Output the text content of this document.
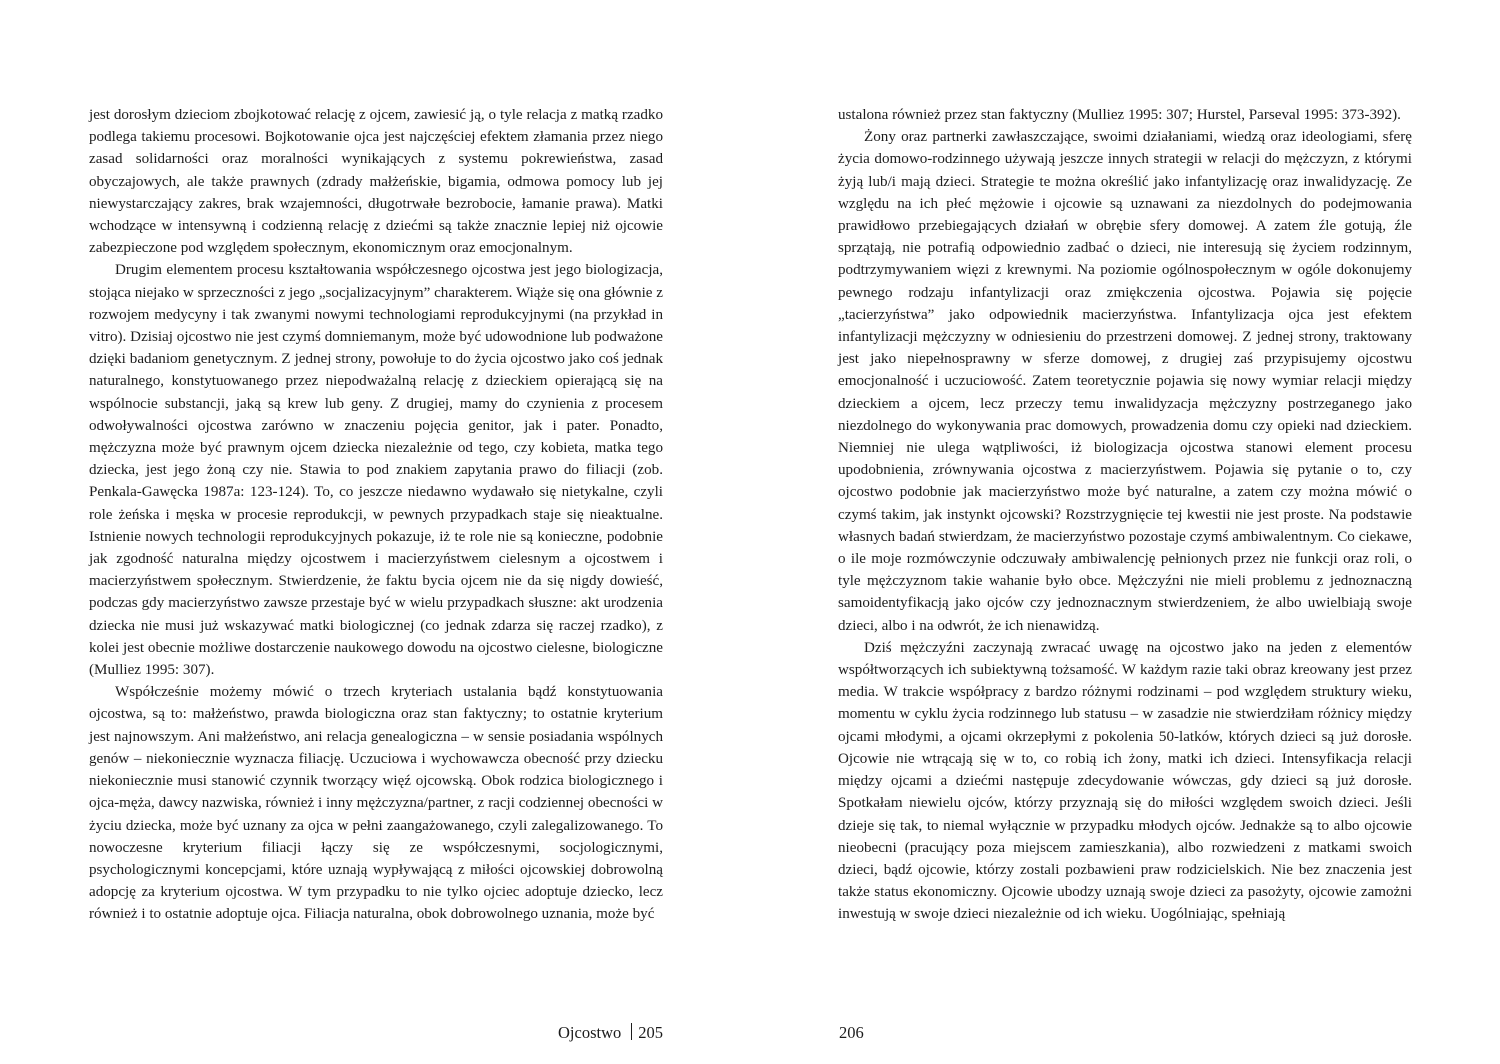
jest dorosłym dzieciom zbojkotować relację z ojcem, zawiesić ją, o tyle relacja z matką rzadko podlega takiemu procesowi. Bojkotowanie ojca jest najczęściej efektem złamania przez niego zasad solidarności oraz moralności wynikających z systemu pokrewieństwa, zasad obyczajowych, ale także prawnych (zdrady małżeńskie, bigamia, odmowa pomocy lub jej niewystarczający zakres, brak wzajemności, długotrwałe bezrobocie, łamanie prawa). Matki wchodzące w intensywną i codzienną relację z dziećmi są także znacznie lepiej niż ojcowie zabezpieczone pod względem społecznym, ekonomicznym oraz emocjonalnym.

Drugim elementem procesu kształtowania współczesnego ojcostwa jest jego biologizacja, stojąca niejako w sprzeczności z jego „socjalizacyjnym” charakterem. Wiąże się ona głównie z rozwojem medycyny i tak zwanymi nowymi technologiami reprodukcyjnymi (na przykład in vitro). Dzisiaj ojcostwo nie jest czymś domniemanym, może być udowodnione lub podważone dzięki badaniom genetycznym. Z jednej strony, powołuje to do życia ojcostwo jako coś jednak naturalnego, konstytuowanego przez niepodważalną relację z dzieckiem opierającą się na wspólnocie substancji, jaką są krew lub geny. Z drugiej, mamy do czynienia z procesem odwoływalności ojcostwa zarówno w znaczeniu pojęcia genitor, jak i pater. Ponadto, mężczyzna może być prawnym ojcem dziecka niezależnie od tego, czy kobieta, matka tego dziecka, jest jego żoną czy nie. Stawia to pod znakiem zapytania prawo do filiacji (zob. Penkala-Gawęcka 1987a: 123-124). To, co jeszcze niedawno wydawało się nietykalne, czyli role żeńska i męska w procesie reprodukcji, w pewnych przypadkach staje się nieaktualne. Istnienie nowych technologii reprodukcyjnych pokazuje, iż te role nie są konieczne, podobnie jak zgodność naturalna między ojcostwem i macierzyństwem cielesnym a ojcostwem i macierzyństwem społecznym. Stwierdzenie, że faktu bycia ojcem nie da się nigdy dowieść, podczas gdy macierzyństwo zawsze przestaje być w wielu przypadkach słuszne: akt urodzenia dziecka nie musi już wskazywać matki biologicznej (co jednak zdarza się raczej rzadko), z kolei jest obecnie możliwe dostarczenie naukowego dowodu na ojcostwo cielesne, biologiczne (Mulliez 1995: 307).

Współcześnie możemy mówić o trzech kryteriach ustalania bądź konstytuowania ojcostwa, są to: małżeństwo, prawda biologiczna oraz stan faktyczny; to ostatnie kryterium jest najnowszym. Ani małżeństwo, ani relacja genealogiczna – w sensie posiadania wspólnych genów – niekoniecznie wyznacza filiację. Uczuciowa i wychowawcza obecność przy dziecku niekoniecznie musi stanowić czynnik tworzący więź ojcowską. Obok rodzica biologicznego i ojca-męża, dawcy nazwiska, również i inny mężczyzna/partner, z racji codziennej obecności w życiu dziecka, może być uznany za ojca w pełni zaangażowanego, czyli zalegalizowanego. To nowoczesne kryterium filiacji łączy się ze współczesnymi, socjologicznymi, psychologicznymi koncepcjami, które uznają wypływającą z miłości ojcowskiej dobrowolną adopcję za kryterium ojcostwa. W tym przypadku to nie tylko ojciec adoptuje dziecko, lecz również i to ostatnie adoptuje ojca. Filiacja naturalna, obok dobrowolnego uznania, może być

Ojcostwo 205

ustalona również przez stan faktyczny (Mulliez 1995: 307; Hurstel, Parseval 1995: 373-392).

Żony oraz partnerki zawłaszczające, swoimi działaniami, wiedzą oraz ideologiami, sferę życia domowo-rodzinnego używają jeszcze innych strategii w relacji do mężczyzn, z którymi żyją lub/i mają dzieci. Strategie te można określić jako infantylizację oraz inwalidyzację. Ze względu na ich płeć mężowie i ojcowie są uznawani za niezdolnych do podejmowania prawidłowo przebiegających działań w obrębie sfery domowej. A zatem źle gotują, źle sprzątają, nie potrafią odpowiednio zadbać o dzieci, nie interesują się życiem rodzinnym, podtrzymywaniem więzi z krewnymi. Na poziomie ogólnospołecznym w ogóle dokonujemy pewnego rodzaju infantylizacji oraz zmiękczenia ojcostwa. Pojawia się pojęcie „tacierzyństwa” jako odpowiednik macierzyństwa. Infantylizacja ojca jest efektem infantylizacji mężczyzny w odniesieniu do przestrzeni domowej. Z jednej strony, traktowany jest jako niepełnosprawny w sferze domowej, z drugiej zaś przypisujemy ojcostwu emocjonalność i uczuciowość. Zatem teoretycznie pojawia się nowy wymiar relacji między dzieckiem a ojcem, lecz przeczy temu inwalidyzacja mężczyzny postrzeganego jako niezdolnego do wykonywania prac domowych, prowadzenia domu czy opieki nad dzieckiem. Niemniej nie ulega wątpliwości, iż biologizacja ojcostwa stanowi element procesu upodobnienia, zrównywania ojcostwa z macierzyństwem. Pojawia się pytanie o to, czy ojcostwo podobnie jak macierzyństwo może być naturalne, a zatem czy można mówić o czymś takim, jak instynkt ojcowski? Rozstrzygnięcie tej kwestii nie jest proste. Na podstawie własnych badań stwierdzam, że macierzyństwo pozostaje czymś ambiwalentnym. Co ciekawe, o ile moje rozmówczynie odczuwały ambiwalencję pełnionych przez nie funkcji oraz roli, o tyle mężczyznom takie wahanie było obce. Mężczyźni nie mieli problemu z jednoznaczną samoidentyfikacją jako ojców czy jednoznacznym stwierdzeniem, że albo uwielbiają swoje dzieci, albo i na odwrót, że ich nienawidzą.

Dziś mężczyźni zaczynają zwracać uwagę na ojcostwo jako na jeden z elementów współtworzących ich subiektywną tożsamość. W każdym razie taki obraz kreowany jest przez media. W trakcie współpracy z bardzo różnymi rodzinami – pod względem struktury wieku, momentu w cyklu życia rodzinnego lub statusu – w zasadzie nie stwierdziłam różnicy między ojcami młodymi, a ojcami okrzepłymi z pokolenia 50-latków, których dzieci są już dorosłe. Ojcowie nie wtrącają się w to, co robią ich żony, matki ich dzieci. Intensyfikacja relacji między ojcami a dziećmi następuje zdecydowanie wówczas, gdy dzieci są już dorosłe. Spotkałam niewielu ojców, którzy przyznają się do miłości względem swoich dzieci. Jeśli dzieje się tak, to niemal wyłącznie w przypadku młodych ojców. Jednakże są to albo ojcowie nieobecni (pracujący poza miejscem zamieszkania), albo rozwiedzeni z matkami swoich dzieci, bądź ojcowie, którzy zostali pozbawieni praw rodzicielskich. Nie bez znaczenia jest także status ekonomiczny. Ojcowie ubodzy uznają swoje dzieci za pasożyty, ojcowie zamożni inwestują w swoje dzieci niezależnie od ich wieku. Uogólniając, spełniają

206
